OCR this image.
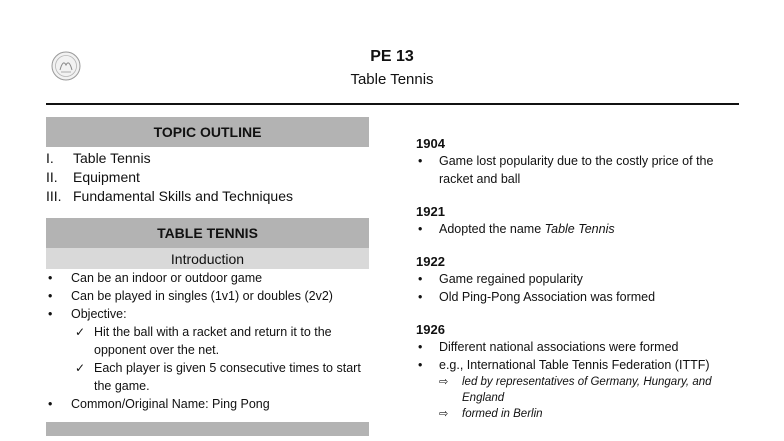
PE 13
Table Tennis
TOPIC OUTLINE
I.	Table Tennis
II.	Equipment
III. Fundamental Skills and Techniques
TABLE TENNIS
Introduction
• Can be an indoor or outdoor game
• Can be played in singles (1v1) or doubles (2v2)
• Objective:
✓ Hit the ball with a racket and return it to the opponent over the net.
✓ Each player is given 5 consecutive times to start the game.
• Common/Original Name: Ping Pong
1904
• Game lost popularity due to the costly price of the racket and ball
1921
• Adopted the name Table Tennis
1922
• Game regained popularity
• Old Ping-Pong Association was formed
1926
• Different national associations were formed
• e.g., International Table Tennis Federation (ITTF)
⇨ led by representatives of Germany, Hungary, and England
⇨ formed in Berlin
